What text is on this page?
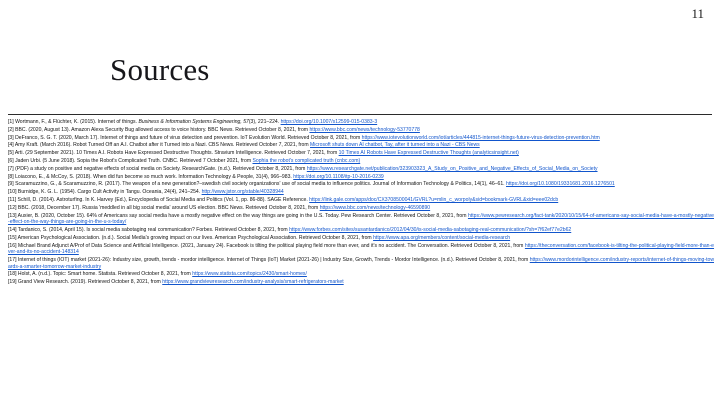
11
Sources

[1] Wortmann, F., & Flüchter, K. (2015). Internet of things. Business & Information Systems Engineering, 57(3), 221–224. https://doi.org/10.1007/s12599-015-0383-3

[2] BBC. (2020, August 13). Amazon Alexa Security Bug allowed access to voice history. BBC News. Retrieved October 8, 2021, from https://www.bbc.com/news/technology-53770778

[3] DeFranco, S. G. T. (2020, March 17). Internet of things and future of virus detection and prevention. IoT Evolution World. Retrieved October 8, 2021, from https://www.iotevolutionworld.com/iot/articles/444815-internet-things-future-virus-detection-prevention.htm

[4] Amy Kraft. (March 2016). Robot Turned Off an A.I. Chatbot after it Turned into a Nazi. CBS News. Retrieved October 7, 2021, from Microsoft shuts down AI chatbot, Tay, after it turned into a Nazi - CBS News

[5] Arti. (29 September 2021). 10 Times A.I. Robots Have Expressed Destructive Thoughts. Stravium Intelligence. Retrieved October 7, 2021, from 10 Times AI Robots Have Expressed Destructive Thoughts (analyticsinsight.net)

[6] Jaden Urbi. (5 June 2018). Sopia the Robot's Complicated Truth. CNBC. Retrieved 7 October 2021, from Sophia the robot's complicated truth (cnbc.com)

[7] (PDF) a study on positive and negative effects of social media on Society. ResearchGate. (n.d.). Retrieved October 8, 2021, from https://www.researchgate.net/publication/323903323_A_Study_on_Positive_and_Negative_Effects_of_Social_Media_on_Society

[8] Loiacono, E., & McCoy, S. (2018). When did fun become so much work. Information Technology & People, 31(4), 966–983. https://doi.org/10.1108/itp-10-2016-0239

[9] Scaramuzzino, G., & Scaramuzzino, R. (2017). The weapon of a new generation?–swedish civil society organizations' use of social media to influence politics. Journal of Information Technology & Politics, 14(1), 46–61. https://doi.org/10.1080/19331681.2016.1276501

[10] Burnidge, K. G. L. (1954). Cargo Cult Activity in Tangu. Oceania, 24(4), 241–254. http://www.jstor.org/stable/40328944

[11] Schill, D. (2014). Astroturfing. In K. Harvey (Ed.), Encyclopedia of Social Media and Politics (Vol. 1, pp. 86-88). SAGE Reference. https://link.gale.com/apps/doc/CX3708500041/GVRL?u=mlin_c_worpoly&sid=bookmark-GVRL&xid=eee02dcb

[12] BBC. (2018, December 17). Russia 'meddled in all big social media' around US election. BBC News. Retrieved October 8, 2021, from https://www.bbc.com/news/technology-46590890

[13] Auxier, B. (2020, October 15). 64% of Americans say social media have a mostly negative effect on the way things are going in the U.S. Today. Pew Research Center. Retrieved October 8, 2021, from https://www.pewresearch.org/fact-tank/2020/10/15/64-of-americans-say-social-media-have-a-mostly-negative-effect-on-the-way-things-are-going-in-the-u-s-today/

[14] Tardanico, S. (2014, April 15). Is social media sabotaging real communication? Forbes. Retrieved October 8, 2021, from https://www.forbes.com/sites/susantardanico/2012/04/30/is-social-media-sabotaging-real-communication/?sh=7f62ef77e2b62

[15] American Psychological Association. (n.d.). Social Media's growing impact on our lives. American Psychological Association. Retrieved October 8, 2021, from https://www.apa.org/members/content/social-media-research

[16] Michael Brand Adjunct A/Prof of Data Science and Artificial Intelligence. (2021, January 24). Facebook is tilting the political playing field more than ever, and it's no accident. The Conversation. Retrieved October 8, 2021, from https://theconversation.com/facebook-is-tilting-the-political-playing-field-more-than-ever-and-its-no-accident-148314

[17] Internet of things (IOT) market (2021-26): Industry size, growth, trends - mordor intelligence. Internet of Things (IoT) Market (2021-26) | Industry Size, Growth, Trends - Mordor Intelligence. (n.d.). Retrieved October 8, 2021, from https://www.mordorintelligence.com/industry-reports/internet-of-things-moving-towards-a-smarter-tomorrow-market-industry

[18] Holst, A. (n.d.). Topic: Smart home. Statista. Retrieved October 8, 2021, from https://www.statista.com/topics/2430/smart-homes/

[19] Grand View Research. (2019). Retrieved October 8, 2021, from https://www.grandviewresearch.com/industry-analysis/smart-refrigerators-market
